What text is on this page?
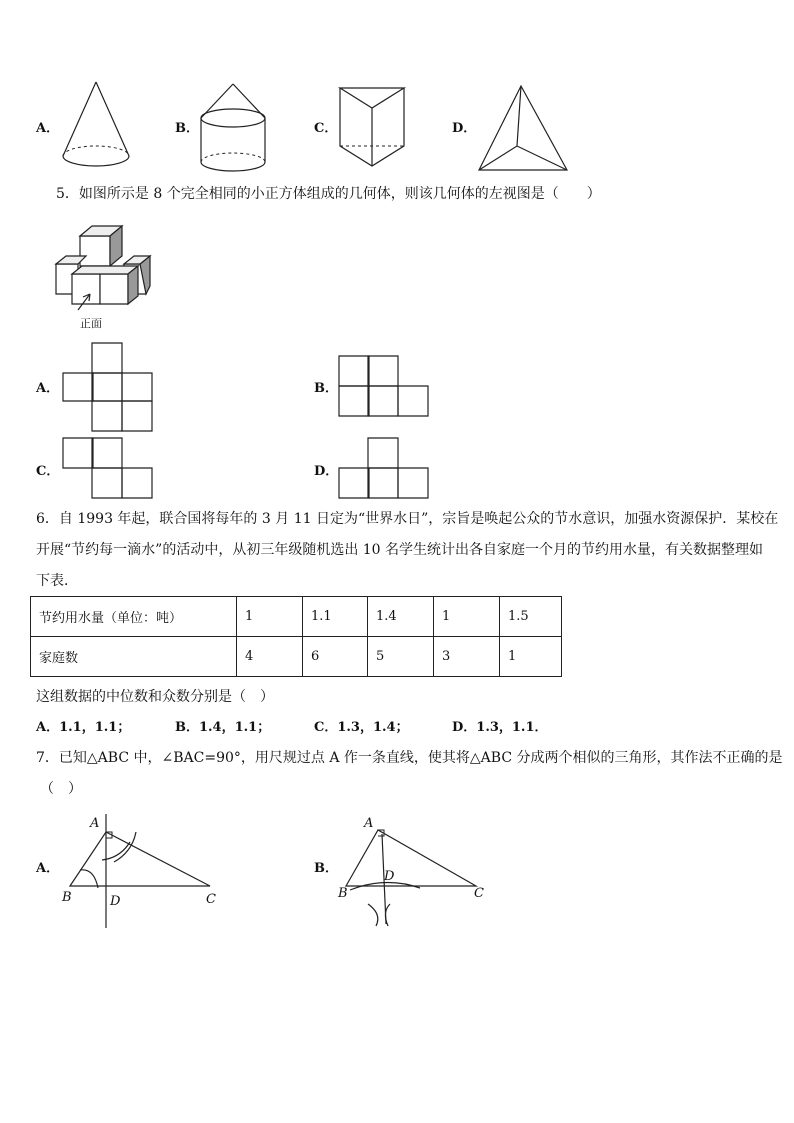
A．	B．	C．	D．
5．如图所示是 8 个完全相同的小正方体组成的几何体，则该几何体的左视图是（　　）
正面
A．	B．
C．	D．
6．自 1993 年起，联合国将每年的 3 月 11 日定为“世界水日”，宗旨是唤起公众的节水意识，加强水资源保护．某校在
开展“节约每一滴水”的活动中，从初三年级随机选出 10 名学生统计出各自家庭一个月的节约用水量，有关数据整理如
下表．
节约用水量（单位：吨）	1	1.1	1.4	1	1.5
家庭数	4	6	5	3	1
这组数据的中位数和众数分别是（　）
A．1.1，1.1；	B．1.4，1.1；	C．1.3，1.4；	D．1.3，1.1．
7．已知△ABC 中，∠BAC=90°，用尺规过点 A 作一条直线，使其将△ABC 分成两个相似的三角形，其作法不正确的是
（　）
A．
A
B	D	C
B．
A
B
D
C
